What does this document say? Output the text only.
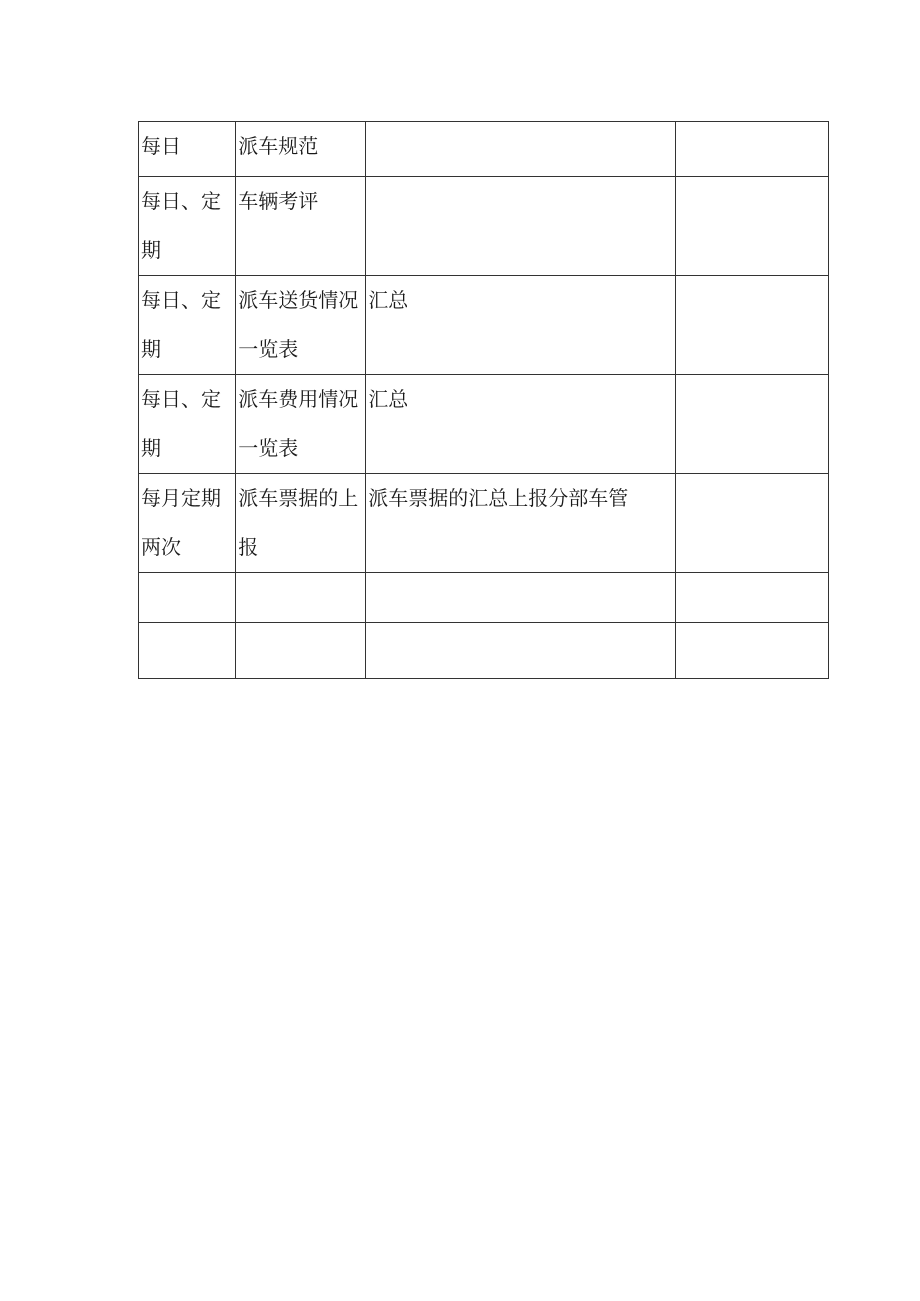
每日	派车规范		

每日、定期	车辆考评		

每日、定期	派车送货情况一览表	汇总	

每日、定期	派车费用情况一览表	汇总	

每月定期两次	派车票据的上报	派车票据的汇总上报分部车管	
